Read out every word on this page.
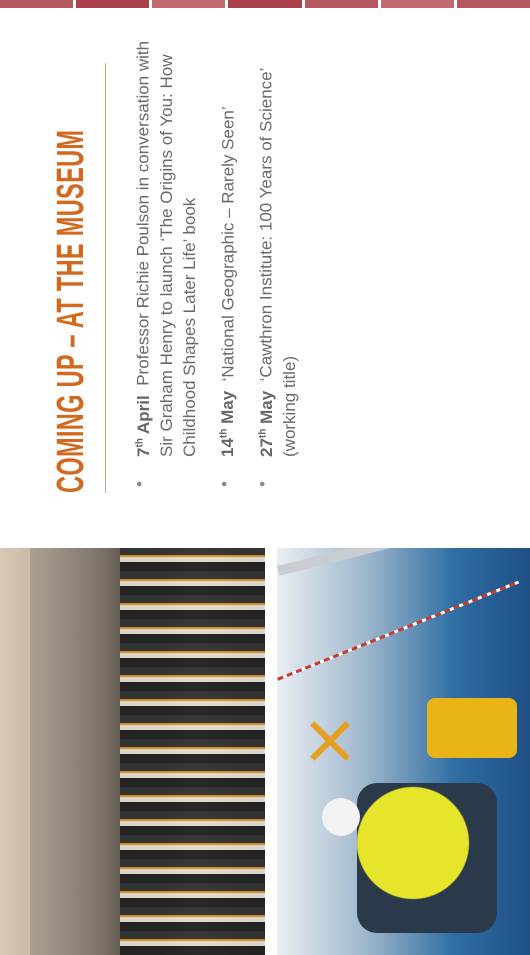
COMING UP – AT THE MUSEUM	• 7th April  Professor Richie Poulson in conversation with Sir Graham Henry to launch ‘The Origins of You: How Childhood Shapes Later Life’ book	• 14th May  ‘National Geographic – Rarely Seen’
• 27th May  ‘Cawthron Institute: 100 Years of Science’ (working title)
